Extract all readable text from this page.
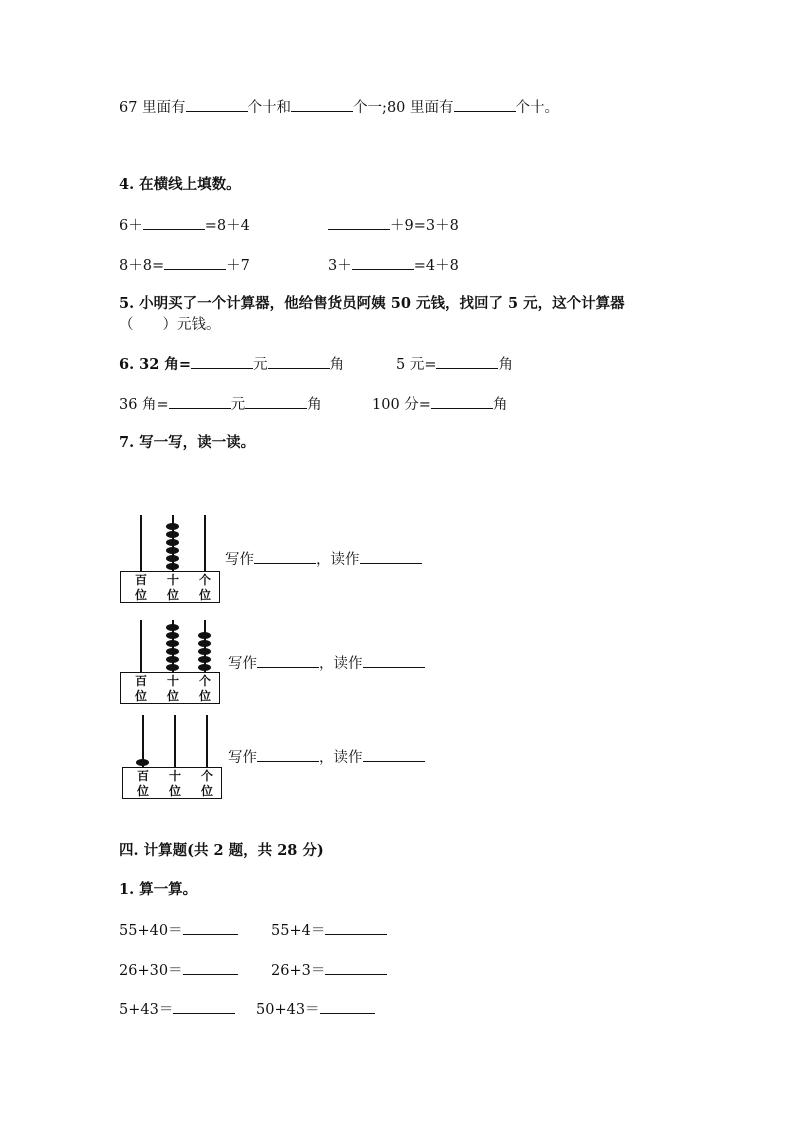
67 里面有	个十和	个一;80 里面有	个十。
4. 在横线上填数。
6＋	=8＋4	＋9=3＋8
8＋8=	＋7	3＋	=4＋8
5. 小明买了一个计算器，他给售货员阿姨 50 元钱，找回了 5 元，这个计算器
（　　）元钱。
6. 32 角=	元	角	5 元=	角
36 角=	元	角	100 分=	角
7. 写一写，读一读。
百
位
十
位
个
位
写作	，读作
百
位
十
位
个
位
写作	，读作
百
位
十
位
个
位
写作	，读作
四. 计算题(共 2 题，共 28 分)
1. 算一算。
55+40＝	55+4＝
26+30＝	26+3＝
5+43＝	50+43＝
